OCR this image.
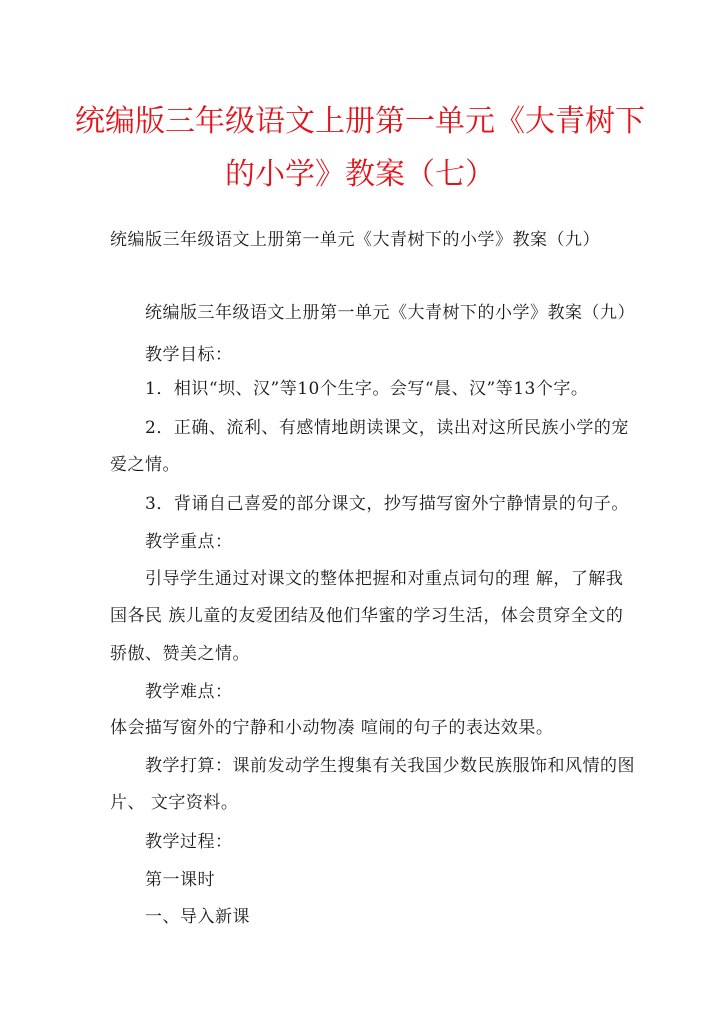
统编版三年级语文上册第一单元《大青树下
的小学》教案（七）
统编版三年级语文上册第一单元《大青树下的小学》教案（九）
统编版三年级语文上册第一单元《大青树下的小学》教案（九）
教学目标：
1．相识“坝、汉”等10个生字。会写“晨、汉”等13个字。
2．正确、流利、有感情地朗读课文，读出对这所民族小学的宠
爱之情。
3．背诵自己喜爱的部分课文，抄写描写窗外宁静情景的句子。
教学重点：
引导学生通过对课文的整体把握和对重点词句的理 解，了解我
国各民 族儿童的友爱团结及他们华蜜的学习生活，体会贯穿全文的
骄傲、赞美之情。
教学难点：
体会描写窗外的宁静和小动物凑 喧闹的句子的表达效果。
教学打算：课前发动学生搜集有关我国少数民族服饰和风情的图
片、 文字资料。
教学过程：
第一课时
一、导入新课
